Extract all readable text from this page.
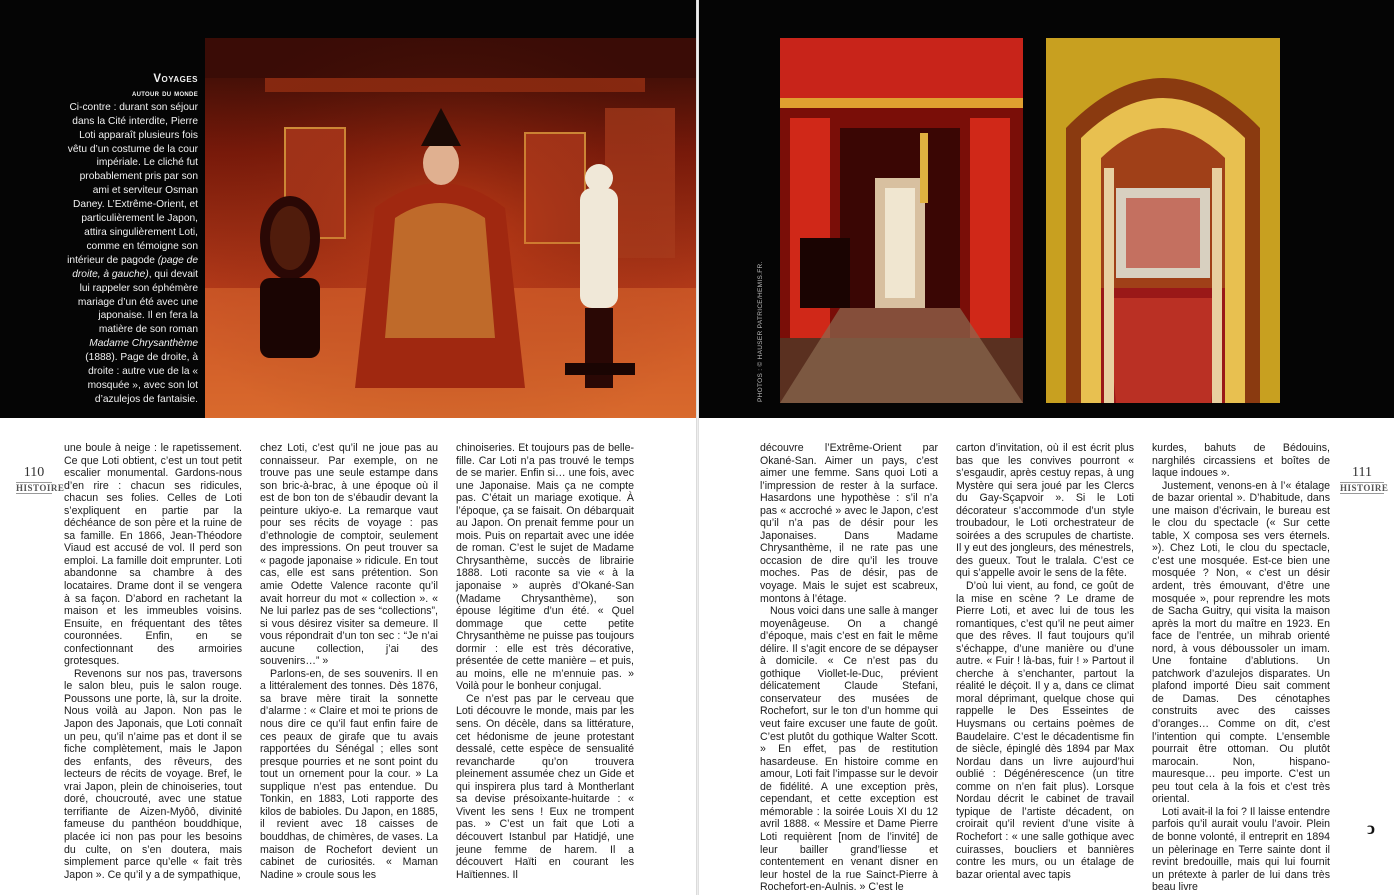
Voyages
autour du monde
Ci-contre : durant son séjour dans la Cité interdite, Pierre Loti apparaît plusieurs fois vêtu d’un costume de la cour impériale. Le cliché fut probablement pris par son ami et serviteur Osman Daney. L’Extrême-Orient, et particulièrement le Japon, attira singulièrement Loti, comme en témoigne son intérieur de pagode (page de droite, à gauche), qui devait lui rappeler son éphémère mariage d’un été avec une japonaise. Il en fera la matière de son roman Madame Chrysanthème (1888). Page de droite, à droite : autre vue de la « mosquée », avec son lot d’azulejos de fantaisie.
110
HISTOIRE

une boule à neige : le rapetissement. Ce que Loti obtient, c’est un tout petit escalier monumental. Gardons-nous d’en rire : chacun ses ridicules, chacun ses folies. Celles de Loti s’expliquent en partie par la déchéance de son père et la ruine de sa famille. En 1866, Jean-Théodore Viaud est accusé de vol. Il perd son emploi. La famille doit emprunter. Loti abandonne sa chambre à des locataires. Drame dont il se vengera à sa façon. D’abord en rachetant la maison et les immeubles voisins. Ensuite, en fréquentant des têtes couronnées. Enfin, en se confectionnant des armoiries grotesques.

Revenons sur nos pas, traversons le salon bleu, puis le salon rouge. Poussons une porte, là, sur la droite. Nous voilà au Japon. Non pas le Japon des Japonais, que Loti connaît un peu, qu’il n’aime pas et dont il se fiche complètement, mais le Japon des enfants, des rêveurs, des lecteurs de récits de voyage. Bref, le vrai Japon, plein de chinoiseries, tout doré, choucrouté, avec une statue terrifiante de Aizen-Myôô, divinité fameuse du panthéon bouddhique, placée ici non pas pour les besoins du culte, on s’en doutera, mais simplement parce qu’elle « fait très Japon ». Ce qu’il y a de sympathique,

chez Loti, c’est qu’il ne joue pas au connaisseur. Par exemple, on ne trouve pas une seule estampe dans son bric-à-brac, à une époque où il est de bon ton de s’ébaudir devant la peinture ukiyo-e. La remarque vaut pour ses récits de voyage : pas d’ethnologie de comptoir, seulement des impressions. On peut trouver sa « pagode japonaise » ridicule. En tout cas, elle est sans prétention. Son amie Odette Valence raconte qu’il avait horreur du mot « collection ». « Ne lui parlez pas de ses “collections”, si vous désirez visiter sa demeure. Il vous répondrait d’un ton sec : “Je n’ai aucune collection, j’ai des souvenirs…” »

Parlons-en, de ses souvenirs. Il en a littéralement des tonnes. Dès 1876, sa brave mère tirait la sonnette d’alarme : « Claire et moi te prions de nous dire ce qu’il faut enfin faire de ces peaux de girafe que tu avais rapportées du Sénégal ; elles sont presque pourries et ne sont point du tout un ornement pour la cour. » La supplique n’est pas entendue. Du Tonkin, en 1883, Loti rapporte des kilos de babioles. Du Japon, en 1885, il revient avec 18 caisses de bouddhas, de chimères, de vases. La maison de Rochefort devient un cabinet de curiosités. « Maman Nadine » croule sous les

chinoiseries. Et toujours pas de belle-fille. Car Loti n’a pas trouvé le temps de se marier. Enfin si… une fois, avec une Japonaise. Mais ça ne compte pas. C’était un mariage exotique. À l’époque, ça se faisait. On débarquait au Japon. On prenait femme pour un mois. Puis on repartait avec une idée de roman. C’est le sujet de Madame Chrysanthème, succès de librairie 1888. Loti raconte sa vie « à la japonaise » auprès d’Okané-San (Madame Chrysanthème), son épouse légitime d’un été. « Quel dommage que cette petite Chrysanthème ne puisse pas toujours dormir : elle est très décorative, présentée de cette manière – et puis, au moins, elle ne m’ennuie pas. » Voilà pour le bonheur conjugal.

Ce n’est pas par le cerveau que Loti découvre le monde, mais par les sens. On décèle, dans sa littérature, cet hédonisme de jeune protestant dessalé, cette espèce de sensualité revancharde qu’on trouvera pleinement assumée chez un Gide et qui inspirera plus tard à Montherlant sa devise présoixante-huitarde : « Vivent les sens ! Eux ne trompent pas. » C’est un fait que Loti a découvert Istanbul par Hatidjé, une jeune femme de harem. Il a découvert Haïti en courant les Haïtiennes. Il

PHOTOS : © HAUSER PATRICE/HEMIS.FR.

découvre l’Extrême-Orient par Okané-San. Aimer un pays, c’est aimer une femme. Sans quoi Loti a l’impression de rester à la surface. Hasardons une hypothèse : s’il n’a pas « accroché » avec le Japon, c’est qu’il n’a pas de désir pour les Japonaises. Dans Madame Chrysanthème, il ne rate pas une occasion de dire qu’il les trouve moches. Pas de désir, pas de voyage. Mais le sujet est scabreux, montons à l’étage.

Nous voici dans une salle à manger moyenâgeuse. On a changé d’époque, mais c’est en fait le même délire. Il s’agit encore de se dépayser à domicile. « Ce n’est pas du gothique Viollet-le-Duc, prévient délicatement Claude Stefani, conservateur des musées de Rochefort, sur le ton d’un homme qui veut faire excuser une faute de goût. C’est plutôt du gothique Walter Scott. » En effet, pas de restitution hasardeuse. En histoire comme en amour, Loti fait l’impasse sur le devoir de fidélité. A une exception près, cependant, et cette exception est mémorable : la soirée Louis XI du 12 avril 1888. « Messire et Dame Pierre Loti requièrent [nom de l’invité] de leur bailler grand’liesse et contentement en venant disner en leur hostel de la rue Sainct-Pierre à Rochefort-en-Aulnis. » C’est le

carton d’invitation, où il est écrit plus bas que les convives pourront « s’esgaudir, après cestuy repas, à ung Mystère qui sera joué par les Clercs du Gay-Sçapvoir ». Si le Loti décorateur s’accommode d’un style troubadour, le Loti orchestrateur de soirées a des scrupules de chartiste. Il y eut des jongleurs, des ménestrels, des gueux. Tout le tralala. C’est ce qui s’appelle avoir le sens de la fête.

D’où lui vient, au fond, ce goût de la mise en scène ? Le drame de Pierre Loti, et avec lui de tous les romantiques, c’est qu’il ne peut aimer que des rêves. Il faut toujours qu’il s’échappe, d’une manière ou d’une autre. « Fuir ! là-bas, fuir ! » Partout il cherche à s’enchanter, partout la réalité le déçoit. Il y a, dans ce climat moral déprimant, quelque chose qui rappelle le Des Esseintes de Huysmans ou certains poèmes de Baudelaire. C’est le décadentisme fin de siècle, épinglé dès 1894 par Max Nordau dans un livre aujourd’hui oublié : Dégénérescence (un titre comme on n’en fait plus). Lorsque Nordau décrit le cabinet de travail typique de l’artiste décadent, on croirait qu’il revient d’une visite à Rochefort : « une salle gothique avec cuirasses, boucliers et bannières contre les murs, ou un étalage de bazar oriental avec tapis

kurdes, bahuts de Bédouins, narghilés circassiens et boîtes de laque indoues ».

Justement, venons-en à l’« étalage de bazar oriental ». D’habitude, dans une maison d’écrivain, le bureau est le clou du spectacle (« Sur cette table, X composa ses vers éternels. »). Chez Loti, le clou du spectacle, c’est une mosquée. Est-ce bien une mosquée ? Non, « c’est un désir ardent, très émouvant, d’être une mosquée », pour reprendre les mots de Sacha Guitry, qui visita la maison après la mort du maître en 1923. En face de l’entrée, un mihrab orienté nord, à vous déboussoler un imam. Une fontaine d’ablutions. Un patchwork d’azulejos disparates. Un plafond importé Dieu sait comment de Damas. Des cénotaphes construits avec des caisses d’oranges… Comme on dit, c’est l’intention qui compte. L’ensemble pourrait être ottoman. Ou plutôt marocain. Non, hispano-mauresque… peu importe. C’est un peu tout cela à la fois et c’est très oriental.

Loti avait-il la foi ? Il laisse entendre parfois qu’il aurait voulu l’avoir. Plein de bonne volonté, il entreprit en 1894 un pèlerinage en Terre sainte dont il revint bredouille, mais qui lui fournit un prétexte à parler de lui dans très beau livre

111
HISTOIRE
ↄ
